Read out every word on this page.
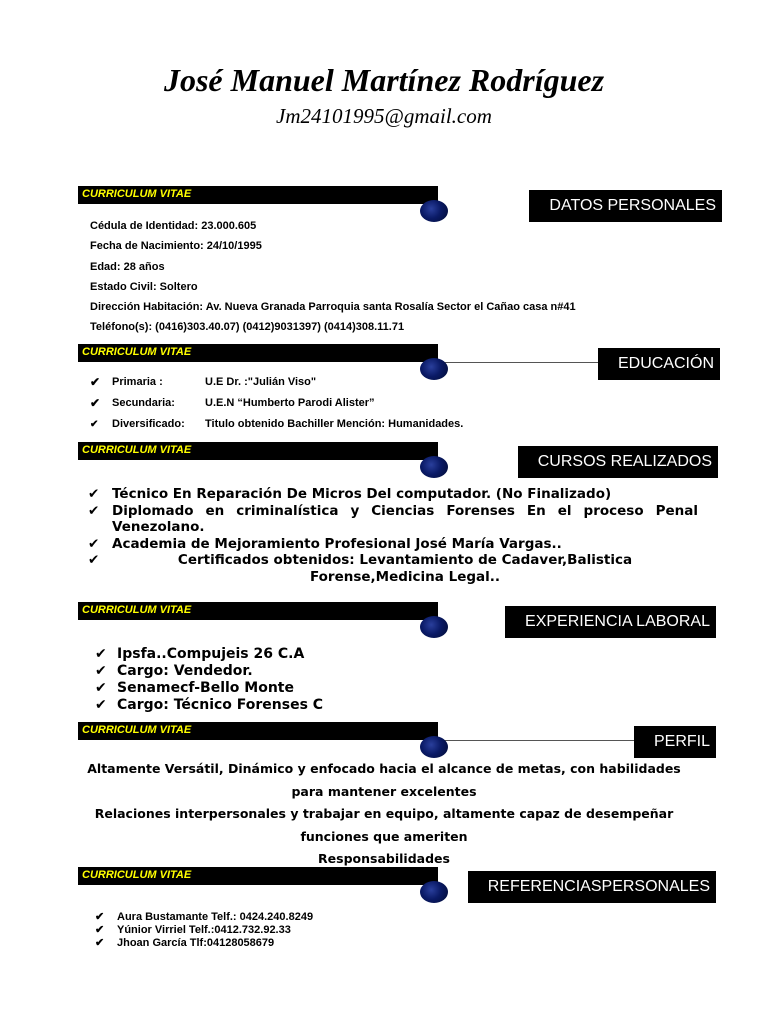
José Manuel Martínez Rodríguez
Jm24101995@gmail.com
CURRICULUM VITAE
DATOS PERSONALES
Cédula de Identidad: 23.000.605
Fecha de Nacimiento: 24/10/1995
Edad: 28 años
Estado Civil: Soltero
Dirección Habitación: Av. Nueva Granada Parroquia santa Rosalía Sector el Cañao casa n#41
Teléfono(s): (0416)303.40.07) (0412)9031397) (0414)308.11.71
CURRICULUM VITAE
EDUCACIÓN
✔ Primaria :	U.E Dr. :"Julián Viso"
✔ Secundaria:	U.E.N “Humberto Parodi Alister”
✔ Diversificado: Titulo obtenido Bachiller Mención: Humanidades.
CURRICULUM VITAE
CURSOS REALIZADOS
✔ Técnico En Reparación De Micros Del computador. (No Finalizado)
✔ Diplomado en criminalística y Ciencias Forenses En el proceso Penal Venezolano.
✔ Academia de Mejoramiento Profesional José María Vargas..
✔	Certificados obtenidos: Levantamiento de Cadaver,Balistica Forense,Medicina Legal..
CURRICULUM VITAE
EXPERIENCIA LABORAL
✔ Ipsfa..Compujeis 26 C.A
✔ Cargo: Vendedor.
✔ Senamecf-Bello Monte
✔ Cargo: Técnico Forenses C
CURRICULUM VITAE
PERFIL
Altamente Versátil, Dinámico y enfocado hacia el alcance de metas, con habilidades
para mantener excelentes
Relaciones interpersonales y trabajar en equipo, altamente capaz de desempeñar
funciones que ameriten
Responsabilidades
CURRICULUM VITAE
REFERENCIASPERSONALES
✔ Aura Bustamante Telf.: 0424.240.8249
✔ Yúnior Virriel Telf.:0412.732.92.33
✔ Jhoan García Tlf:04128058679
